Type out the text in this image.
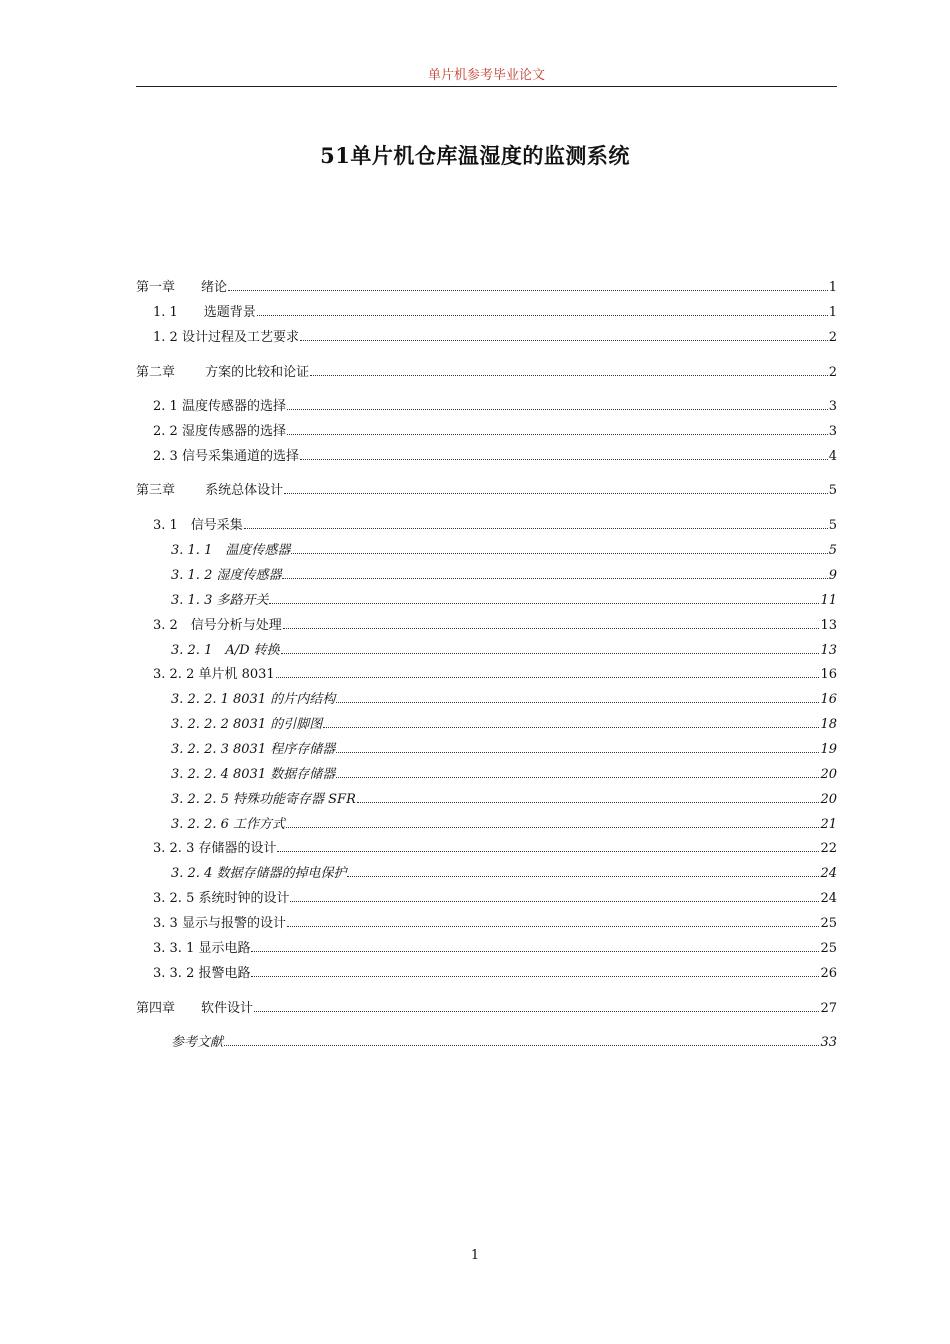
单片机参考毕业论文
51单片机仓库温湿度的监测系统
第一章　　绪论	1
1. 1　　选题背景	1
1. 2 设计过程及工艺要求	2
第二章　　 方案的比较和论证	2
2. 1 温度传感器的选择	3
2. 2 湿度传感器的选择	3
2. 3 信号采集通道的选择	4
第三章　　 系统总体设计	5
3. 1　信号采集	5
3. 1. 1　温度传感器	5
3. 1. 2 湿度传感器	9
3. 1. 3 多路开关	11
3. 2　信号分析与处理	13
3. 2. 1　A/D 转换	13
3. 2. 2 单片机 8031	16
3. 2. 2. 1 8031 的片内结构	16
3. 2. 2. 2 8031 的引脚图	18
3. 2. 2. 3 8031 程序存储器	19
3. 2. 2. 4 8031 数据存储器	20
3. 2. 2. 5 特殊功能寄存器 SFR	20
3. 2. 2. 6 工作方式	21
3. 2. 3 存储器的设计	22
3. 2. 4 数据存储器的掉电保护	24
3. 2. 5 系统时钟的设计	24
3. 3 显示与报警的设计	25
3. 3. 1 显示电路	25
3. 3. 2 报警电路	26
第四章　　软件设计	27
参考文献	33
1
